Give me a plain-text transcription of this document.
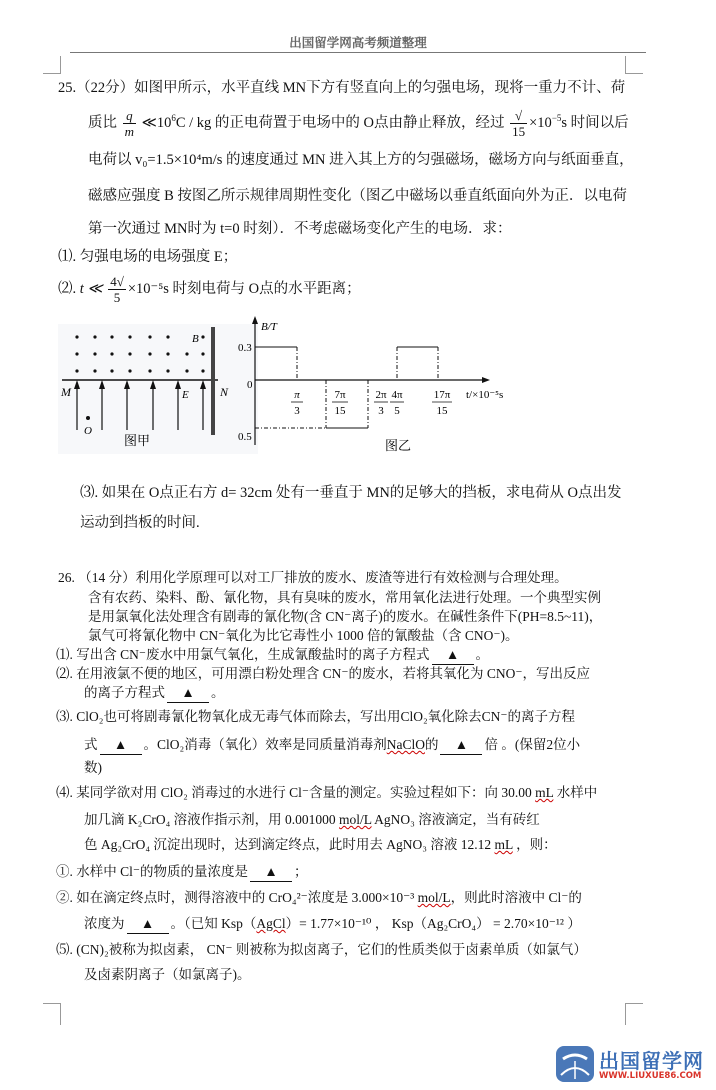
出国留学网高考频道整理
25.（22分）如图甲所示，水平直线 MN下方有竖直向上的匀强电场，现将一重力不计、荷
质比 $\frac{q}{m}$ $≪10^6C$ / kg 的正电荷置于电场中的 O点由静止释放，经过 $\frac{√}{15} \times 10^{-5}s$ 时间以后
电荷以 v₀=1.5×10⁴m/s 的速度通过 MN 进入其上方的匀强磁场，磁场方向与纸面垂直，
磁感应强度 B 按图乙所示规律周期性变化（图乙中磁场以垂直纸面向外为正．以电荷
第一次通过 MN时为 t=0 时刻）．不考虑磁场变化产生的电场．求：
⑴. 匀强电场的电场强度 E；
⑵. t ≪ $\frac{4√}{5} \times 10^{-5}s$ 时刻电荷与 O点的水平距离；
M	N
B
E
O
图甲
B/T
t/×10⁻⁵s
0.3
0
0.5
π
3
7π
15
2π
3
4π
5
17π
15
图乙
⑶. 如果在 O点正右方 d= 32cm 处有一垂直于 MN的足够大的挡板，求电荷从 O点出发
运动到挡板的时间.
26. （14 分）利用化学原理可以对工厂排放的废水、废渣等进行有效检测与合理处理。
含有农药、染料、酚、氰化物，具有臭味的废水，常用氧化法进行处理。一个典型实例
是用氯氧化法处理含有剧毒的氰化物(含 CN⁻离子)的废水。在碱性条件下(PH=8.5~11)，
氯气可将氰化物中 CN⁻氧化为比它毒性小 1000 倍的氰酸盐（含 CNO⁻)。
⑴. 写出含 CN⁻废水中用氯气氧化，生成氰酸盐时的离子方程式 ▲ 。
⑵. 在用液氯不便的地区，可用漂白粉处理含 CN⁻的废水，若将其氧化为 CNO⁻，写出反应
的离子方程式 ▲ 。
⑶. ClO₂也可将剧毒氰化物氧化成无毒气体而除去，写出用ClO₂氧化除去CN⁻的离子方程
式 ▲ 。ClO₂消毒（氧化）效率是同质量消毒剂NaClO的 ▲ 倍 。(保留2位小
数)
⑷. 某同学欲对用 ClO₂ 消毒过的水进行 Cl⁻含量的测定。实验过程如下：向 30.00 mL 水样中
加几滴 K₂CrO₄ 溶液作指示剂，用 0.001000 mol/L AgNO₃ 溶液滴定，当有砖红
色 Ag₂CrO₄ 沉淀出现时，达到滴定终点，此时用去 AgNO₃ 溶液 12.12 mL ，则：
①. 水样中 Cl⁻的物质的量浓度是 ▲ ；
②. 如在滴定终点时，测得溶液中的 CrO₄²⁻浓度是 3.000×10⁻³ mol/L，则此时溶液中 Cl⁻的
浓度为 ▲ 。（已知 Ksp（AgCl）= 1.77×10⁻¹⁰ ， Ksp（Ag₂CrO₄） = 2.70×10⁻¹² ）
⑸. (CN)₂被称为拟卤素， CN⁻ 则被称为拟卤离子，它们的性质类似于卤素单质（如氯气）
及卤素阴离子（如氯离子)。
出国留学网
WWW.LIUXUE86.COM
